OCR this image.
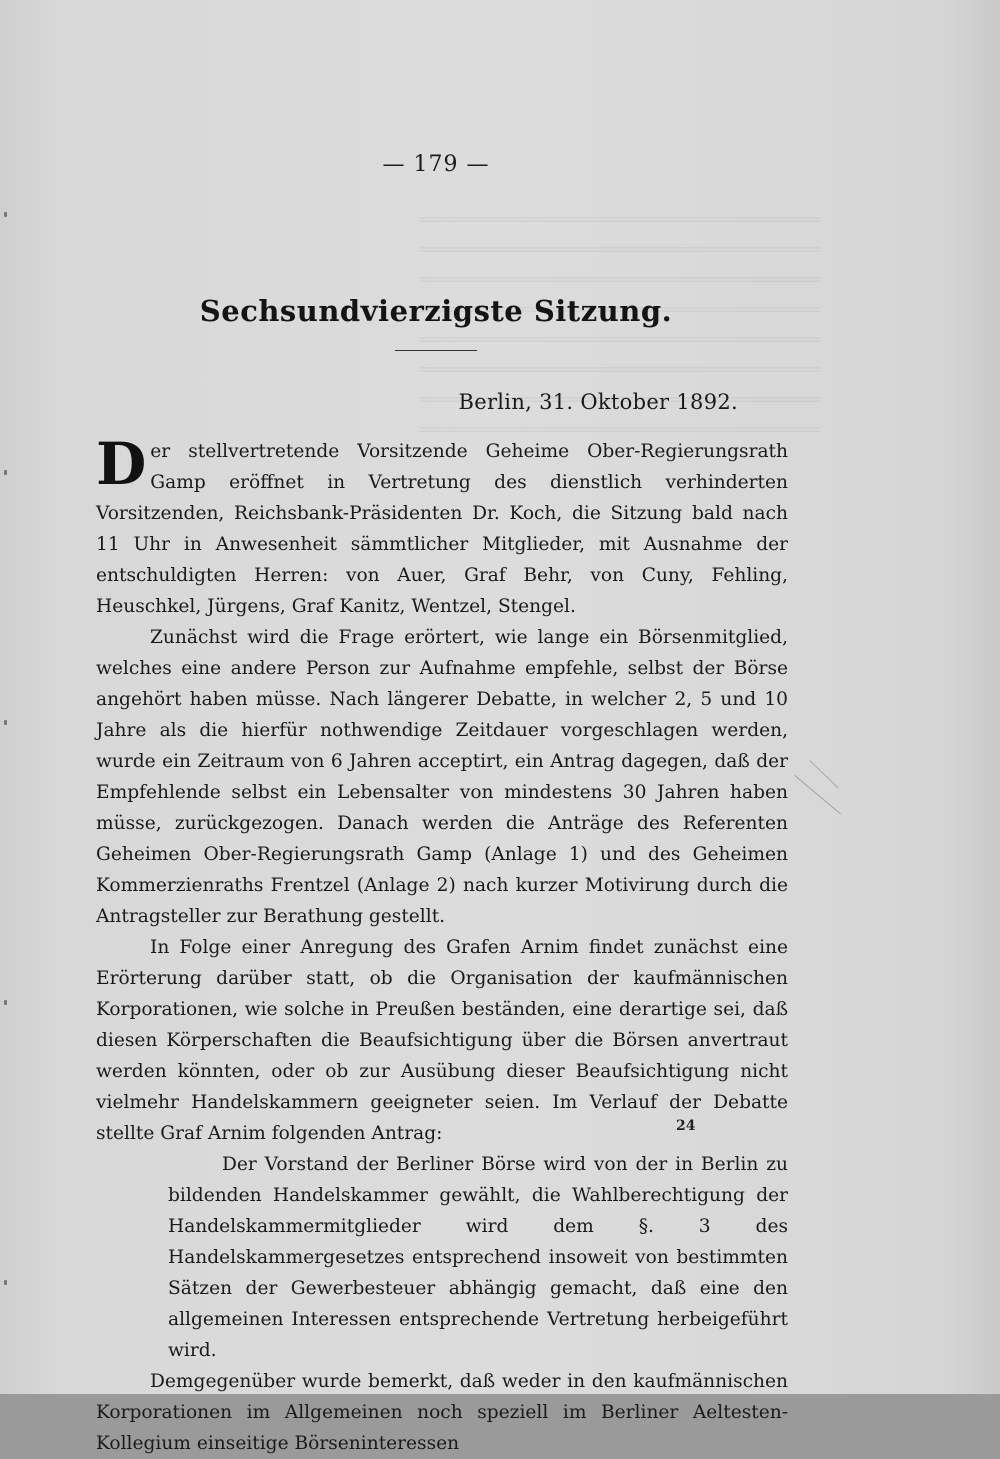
— 179 —
Sechsundvierzigste Sitzung.
Berlin, 31. Oktober 1892.

Der stellvertretende Vorsitzende Geheime Ober-Regierungsrath Gamp eröffnet in Vertretung des dienstlich verhinderten Vorsitzenden, Reichsbank-Präsidenten Dr. Koch, die Sitzung bald nach 11 Uhr in Anwesenheit sämmtlicher Mitglieder, mit Ausnahme der entschuldigten Herren: von Auer, Graf Behr, von Cuny, Fehling, Heuschkel, Jürgens, Graf Kanitz, Wentzel, Stengel.

Zunächst wird die Frage erörtert, wie lange ein Börsenmitglied, welches eine andere Person zur Aufnahme empfehle, selbst der Börse angehört haben müsse. Nach längerer Debatte, in welcher 2, 5 und 10 Jahre als die hierfür nothwendige Zeitdauer vorgeschlagen werden, wurde ein Zeitraum von 6 Jahren acceptirt, ein Antrag dagegen, daß der Empfehlende selbst ein Lebensalter von mindestens 30 Jahren haben müsse, zurückgezogen. Danach werden die Anträge des Referenten Geheimen Ober-Regierungsrath Gamp (Anlage 1) und des Geheimen Kommerzienraths Frentzel (Anlage 2) nach kurzer Motivirung durch die Antragsteller zur Berathung gestellt.

In Folge einer Anregung des Grafen Arnim findet zunächst eine Erörterung darüber statt, ob die Organisation der kaufmännischen Korporationen, wie solche in Preußen beständen, eine derartige sei, daß diesen Körperschaften die Beaufsichtigung über die Börsen anvertraut werden könnten, oder ob zur Ausübung dieser Beaufsichtigung nicht vielmehr Handelskammern geeigneter seien. Im Verlauf der Debatte stellte Graf Arnim folgenden Antrag:

Der Vorstand der Berliner Börse wird von der in Berlin zu bildenden Handelskammer gewählt, die Wahlberechtigung der Handelskammermitglieder wird dem §. 3 des Handelskammergesetzes entsprechend insoweit von bestimmten Sätzen der Gewerbesteuer abhängig gemacht, daß eine den allgemeinen Interessen entsprechende Vertretung herbeigeführt wird.

Demgegenüber wurde bemerkt, daß weder in den kaufmännischen Korporationen im Allgemeinen noch speziell im Berliner Aeltesten-Kollegium einseitige Börseninteressen

24
